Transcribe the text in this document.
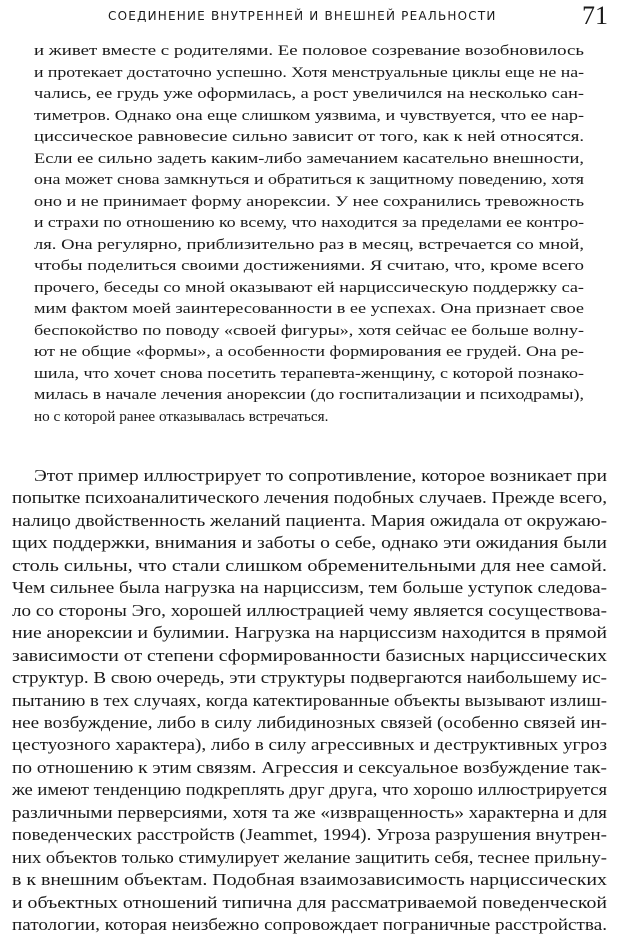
СОЕДИНЕНИЕ ВНУТРЕННЕЙ И ВНЕШНЕЙ РЕАЛЬНОСТИ	71
и живет вместе с родителями. Ее половое созревание возобновилось
и протекает достаточно успешно. Хотя менструальные циклы еще не на-
чались, ее грудь уже оформилась, а рост увеличился на несколько сан-
тиметров. Однако она еще слишком уязвима, и чувствуется, что ее нар-
циссическое равновесие сильно зависит от того, как к ней относятся.
Если ее сильно задеть каким-либо замечанием касательно внешности,
она может снова замкнуться и обратиться к защитному поведению, хотя
оно и не принимает форму анорексии. У нее сохранились тревожность
и страхи по отношению ко всему, что находится за пределами ее контро-
ля. Она регулярно, приблизительно раз в месяц, встречается со мной,
чтобы поделиться своими достижениями. Я считаю, что, кроме всего
прочего, беседы со мной оказывают ей нарциссическую поддержку са-
мим фактом моей заинтересованности в ее успехах. Она признает свое
беспокойство по поводу «своей фигуры», хотя сейчас ее больше волну-
ют не общие «формы», а особенности формирования ее грудей. Она ре-
шила, что хочет снова посетить терапевта-женщину, с которой познако-
милась в начале лечения анорексии (до госпитализации и психодрамы),
но с которой ранее отказывалась встречаться.
Этот пример иллюстрирует то сопротивление, которое возникает при
попытке психоаналитического лечения подобных случаев. Прежде всего,
налицо двойственность желаний пациента. Мария ожидала от окружаю-
щих поддержки, внимания и заботы о себе, однако эти ожидания были
столь сильны, что стали слишком обременительными для нее самой.
Чем сильнее была нагрузка на нарциссизм, тем больше уступок следова-
ло со стороны Эго, хорошей иллюстрацией чему является сосуществова-
ние анорексии и булимии. Нагрузка на нарциссизм находится в прямой
зависимости от степени сформированности базисных нарциссических
структур. В свою очередь, эти структуры подвергаются наибольшему ис-
пытанию в тех случаях, когда катектированные объекты вызывают излиш-
нее возбуждение, либо в силу либидинозных связей (особенно связей ин-
цестуозного характера), либо в силу агрессивных и деструктивных угроз
по отношению к этим связям. Агрессия и сексуальное возбуждение так-
же имеют тенденцию подкреплять друг друга, что хорошо иллюстрируется
различными перверсиями, хотя та же «извращенность» характерна и для
поведенческих расстройств (Jeammet, 1994). Угроза разрушения внутрен-
них объектов только стимулирует желание защитить себя, теснее прильну-
в к внешним объектам. Подобная взаимозависимость нарциссических
и объектных отношений типична для рассматриваемой поведенческой
патологии, которая неизбежно сопровождает пограничные расстройства.
